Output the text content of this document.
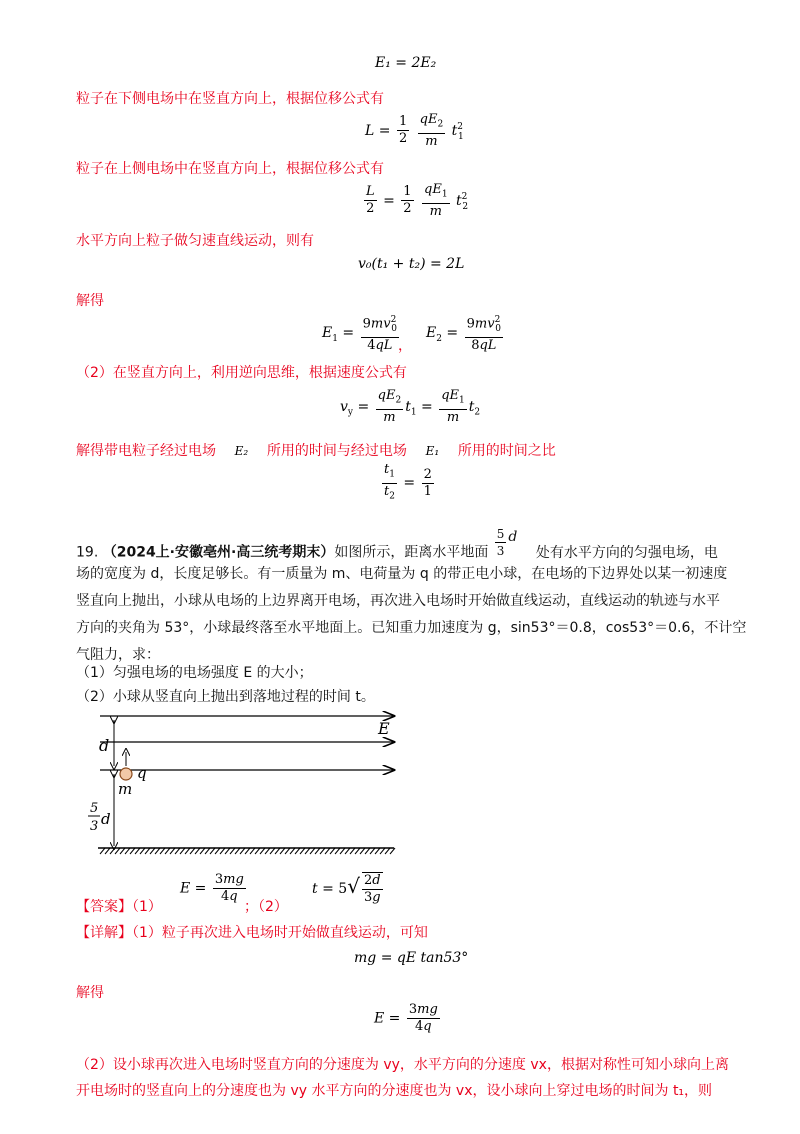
E₁ = 2E₂
粒子在下侧电场中在竖直方向上，根据位移公式有
$L = \frac{1}{2}$
$\frac{qE_2}{m} t^2_1$
粒子在上侧电场中在竖直方向上，根据位移公式有
$\frac{L}{2} = \frac{1}{2}$
$\frac{qE_1}{m} t^2_2$
水平方向上粒子做匀速直线运动，则有
v₀(t₁ + t₂) = 2L
解得
$E_1 = \frac{9mv^2_0}{4qL}$
，
$E_2 = \frac{9mv^2_0}{8qL}$
（2）在竖直方向上，利用逆向思维，根据速度公式有
$v_y = \frac{qE_2}{m} t_1 = \frac{qE_1}{m} t_2$
解得带电粒子经过电场 E₂ 所用的时间与经过电场 E₁ 所用的时间之比
$\frac{t_1}{t_2} = \frac{2}{1}$
19. （2024上·安徽亳州·高三统考期末）如图所示，距离水平地面 $\frac{5}{3}$ d 处有水平方向的匀强电场，电
场的宽度为 d，长度足够长。有一质量为 m、电荷量为 q 的带正电小球，在电场的下边界处以某一初速度
竖直向上抛出，小球从电场的上边界离开电场，再次进入电场时开始做直线运动，直线运动的轨迹与水平
方向的夹角为 53°，小球最终落至水平地面上。已知重力加速度为 g，sin53°＝0.8，cos53°＝0.6，不计空
气阻力，求：
（1）匀强电场的电场强度 E 的大小；
（2）小球从竖直向上抛出到落地过程的时间 t。
E
d
q
m
5
3 d
【答案】（1）
$E = \frac{3mg}{4q}$
；（2）
$t = 5√ \frac{2d}{3g}$
【详解】（1）粒子再次进入电场时开始做直线运动，可知
mg = qE tan53°
解得
$E = \frac{3mg}{4q}$
（2）设小球再次进入电场时竖直方向的分速度为 vy，水平方向的分速度 vx，根据对称性可知小球向上离
开电场时的竖直向上的分速度也为 vy 水平方向的分速度也为 vx，设小球向上穿过电场的时间为 t₁，则
